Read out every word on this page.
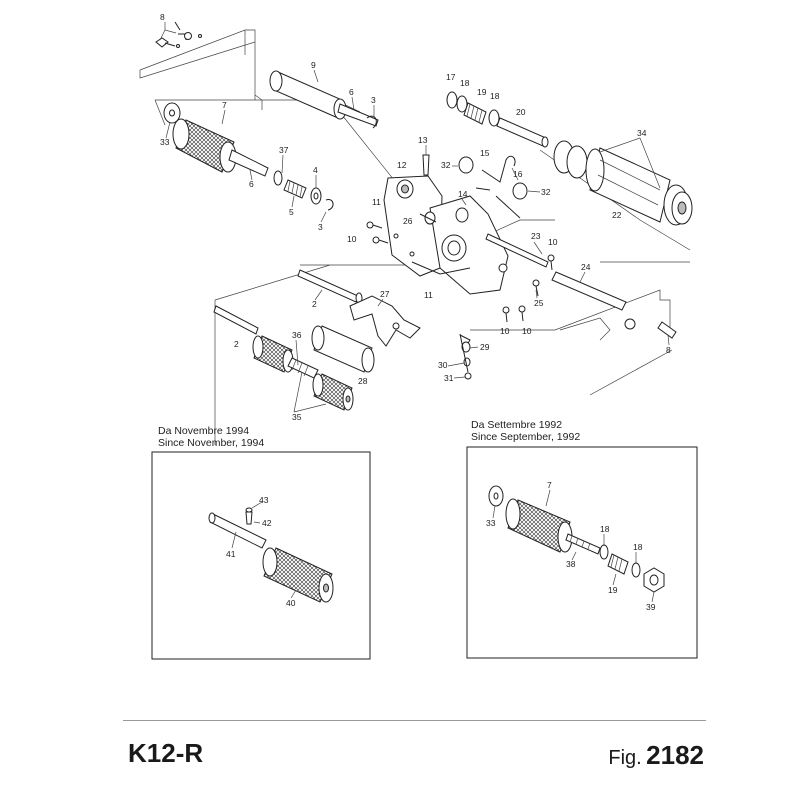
8
9
6
3
7
33
37
4
6
5
3
17
18
19 18
20
34
22
13
12	32
15
16
32
14
11
26
10	23
10
24
25
10 10
8
11
27
2
2
36
28
29
30
31
35
Da Novembre 1994
Since November, 1994
43
42
41
40
Da Settembre 1992
Since September, 1992
7
33
18
18
38
19
39
K12-R	Fig. 2182
